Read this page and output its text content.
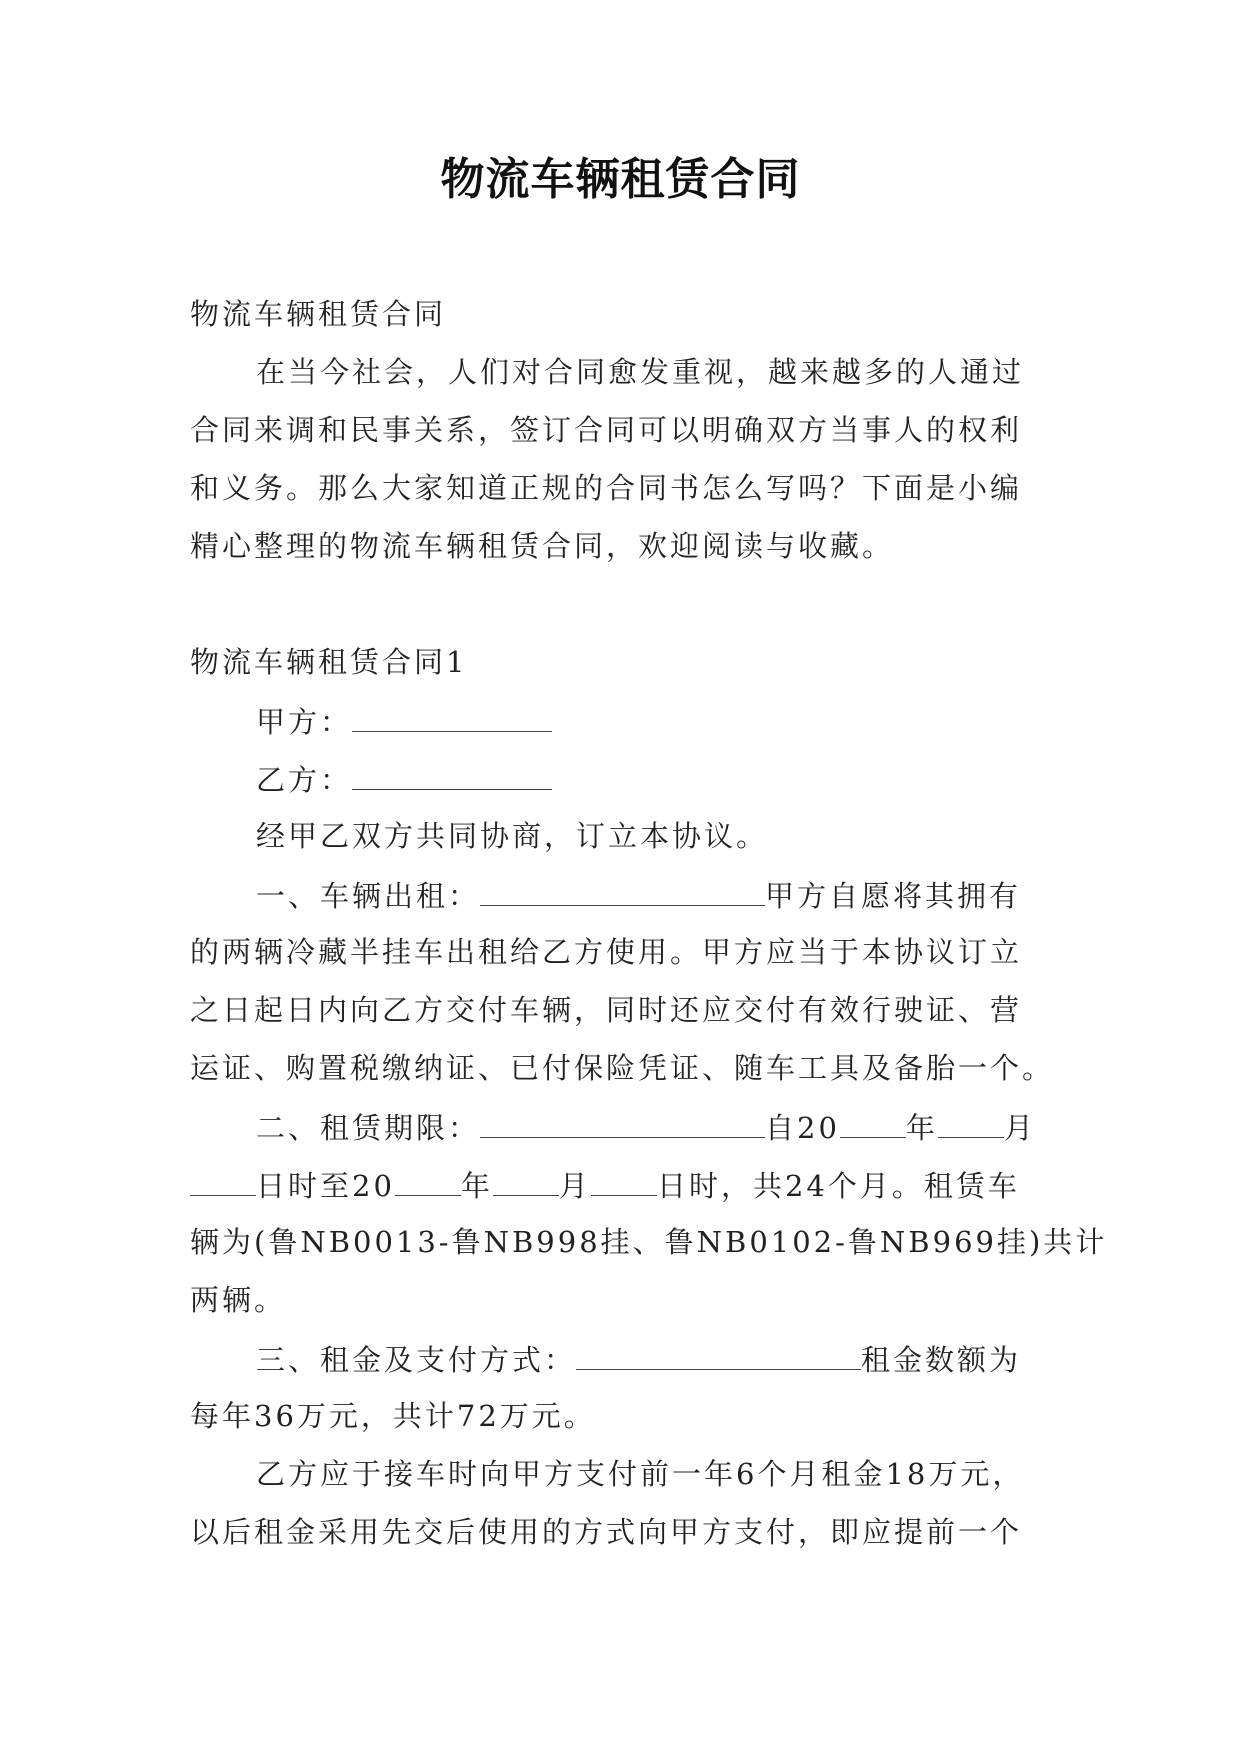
物流车辆租赁合同
物流车辆租赁合同
在当今社会，人们对合同愈发重视，越来越多的人通过
合同来调和民事关系，签订合同可以明确双方当事人的权利
和义务。那么大家知道正规的合同书怎么写吗？下面是小编
精心整理的物流车辆租赁合同，欢迎阅读与收藏。
物流车辆租赁合同1
甲方：
乙方：
经甲乙双方共同协商，订立本协议。
一、车辆出租：	甲方自愿将其拥有
的两辆冷藏半挂车出租给乙方使用。甲方应当于本协议订立
之日起日内向乙方交付车辆，同时还应交付有效行驶证、营
运证、购置税缴纳证、已付保险凭证、随车工具及备胎一个。
二、租赁期限：	自20 年 月
日时至20 年 月 日时，共24个月。租赁车
辆为(鲁NB0013-鲁NB998挂、鲁NB0102-鲁NB969挂)共计
两辆。
三、租金及支付方式：	租金数额为
每年36万元，共计72万元。
乙方应于接车时向甲方支付前一年6个月租金18万元，
以后租金采用先交后使用的方式向甲方支付，即应提前一个
